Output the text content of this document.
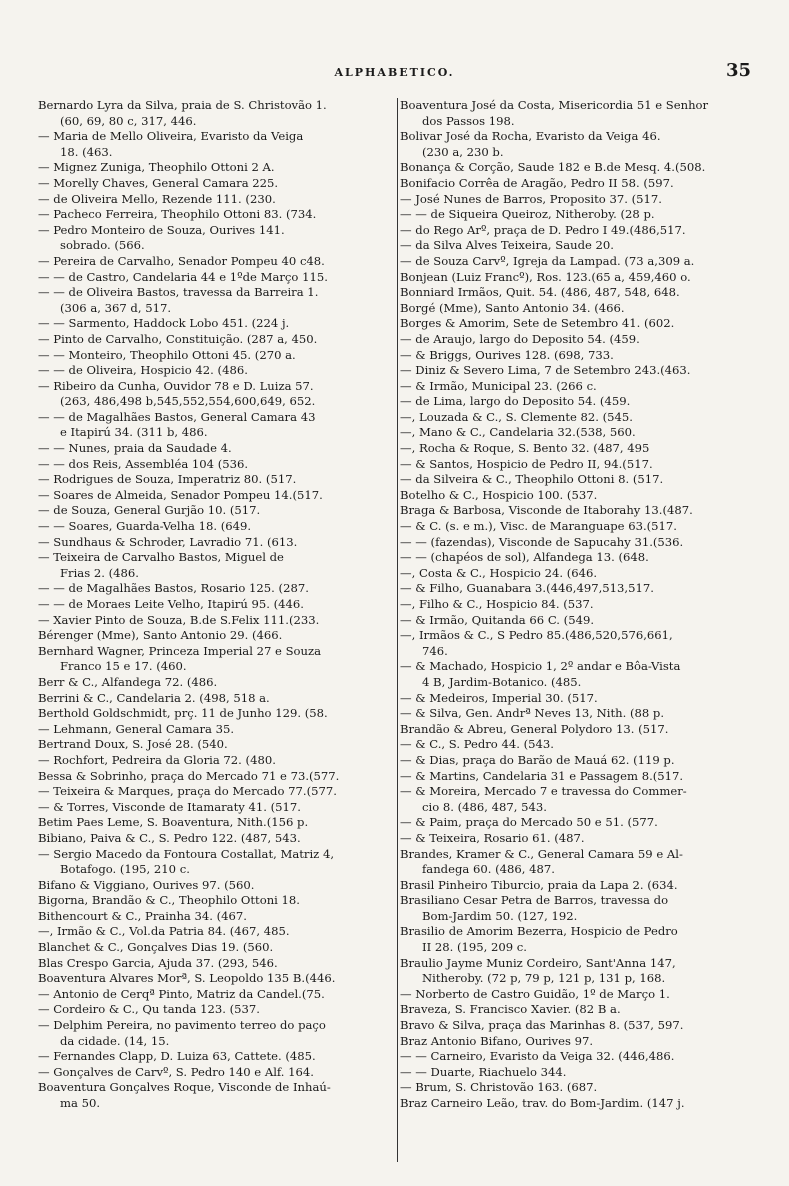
ALPHABETICO.	35
Bernardo Lyra da Silva, praia de S. Christovão 1.
(60, 69, 80 c, 317, 446.
— Maria de Mello Oliveira, Evaristo da Veiga
18. (463.
— Mignez Zuniga, Theophilo Ottoni 2 A.
— Morelly Chaves, General Camara 225.
— de Oliveira Mello, Rezende 111. (230.
— Pacheco Ferreira, Theophilo Ottoni 83. (734.
— Pedro Monteiro de Souza, Ourives 141.
sobrado. (566.
— Pereira de Carvalho, Senador Pompeu 40 c48.
— — de Castro, Candelaria 44 e 1ºde Março 115.
— — de Oliveira Bastos, travessa da Barreira 1.
(306 a, 367 d, 517.
— — Sarmento, Haddock Lobo 451. (224 j.
— Pinto de Carvalho, Constituição. (287 a, 450.
— — Monteiro, Theophilo Ottoni 45. (270 a.
— — de Oliveira, Hospicio 42. (486.
— Ribeiro da Cunha, Ouvidor 78 e D. Luiza 57.
(263, 486,498 b,545,552,554,600,649, 652.
— — de Magalhães Bastos, General Camara 43
e Itapirú 34. (311 b, 486.
— — Nunes, praia da Saudade 4.
— — dos Reis, Assembléa 104 (536.
— Rodrigues de Souza, Imperatriz 80. (517.
— Soares de Almeida, Senador Pompeu 14.(517.
— de Souza, General Gurjão 10. (517.
— — Soares, Guarda-Velha 18. (649.
— Sundhaus & Schroder, Lavradio 71. (613.
— Teixeira de Carvalho Bastos, Miguel de
Frias 2. (486.
— — de Magalhães Bastos, Rosario 125. (287.
— — de Moraes Leite Velho, Itapirú 95. (446.
— Xavier Pinto de Souza, B.de S.Felix 111.(233.
Bérenger (Mme), Santo Antonio 29. (466.
Bernhard Wagner, Princeza Imperial 27 e Souza
Franco 15 e 17. (460.
Berr & C., Alfandega 72. (486.
Berrini & C., Candelaria 2. (498, 518 a.
Berthold Goldschmidt, prç. 11 de Junho 129. (58.
— Lehmann, General Camara 35.
Bertrand Doux, S. José 28. (540.
— Rochfort, Pedreira da Gloria 72. (480.
Bessa & Sobrinho, praça do Mercado 71 e 73.(577.
— Teixeira & Marques, praça do Mercado 77.(577.
— & Torres, Visconde de Itamaraty 41. (517.
Betim Paes Leme, S. Boaventura, Nith.(156 p.
Bibiano, Paiva & C., S. Pedro 122. (487, 543.
— Sergio Macedo da Fontoura Costallat, Matriz 4,
Botafogo. (195, 210 c.
Bifano & Viggiano, Ourives 97. (560.
Bigorna, Brandão & C., Theophilo Ottoni 18.
Bithencourt & C., Prainha 34. (467.
—, Irmão & C., Vol.da Patria 84. (467, 485.
Blanchet & C., Gonçalves Dias 19. (560.
Blas Crespo Garcia, Ajuda 37. (293, 546.
Boaventura Alvares Morª, S. Leopoldo 135 B.(446.
— Antonio de Cerqª Pinto, Matriz da Candel.(75.
— Cordeiro & C., Qu tanda 123. (537.
— Delphim Pereira, no pavimento terreo do paço
da cidade. (14, 15.
— Fernandes Clapp, D. Luiza 63, Cattete. (485.
— Gonçalves de Carvº, S. Pedro 140 e Alf. 164.
Boaventura Gonçalves Roque, Visconde de Inhaú-
ma 50.
Boaventura José da Costa, Misericordia 51 e Senhor
dos Passos 198.
Bolivar José da Rocha, Evaristo da Veiga 46.
(230 a, 230 b.
Bonança & Corção, Saude 182 e B.de Mesq. 4.(508.
Bonifacio Corrêa de Aragão, Pedro II 58. (597.
— José Nunes de Barros, Proposito 37. (517.
— — de Siqueira Queiroz, Nitheroby. (28 p.
— do Rego Arº, praça de D. Pedro I 49.(486,517.
— da Silva Alves Teixeira, Saude 20.
— de Souza Carvº, Igreja da Lampad. (73 a,309 a.
Bonjean (Luiz Francº), Ros. 123.(65 a, 459,460 o.
Bonniard Irmãos, Quit. 54. (486, 487, 548, 648.
Borgé (Mme), Santo Antonio 34. (466.
Borges & Amorim, Sete de Setembro 41. (602.
— de Araujo, largo do Deposito 54. (459.
— & Briggs, Ourives 128. (698, 733.
— Diniz & Severo Lima, 7 de Setembro 243.(463.
— & Irmão, Municipal 23. (266 c.
— de Lima, largo do Deposito 54. (459.
—, Louzada & C., S. Clemente 82. (545.
—, Mano & C., Candelaria 32.(538, 560.
—, Rocha & Roque, S. Bento 32. (487, 495
— & Santos, Hospicio de Pedro II, 94.(517.
— da Silveira & C., Theophilo Ottoni 8. (517.
Botelho & C., Hospicio 100. (537.
Braga & Barbosa, Visconde de Itaborahy 13.(487.
— & C. (s. e m.), Visc. de Maranguape 63.(517.
— — (fazendas), Visconde de Sapucahy 31.(536.
— — (chapéos de sol), Alfandega 13. (648.
—, Costa & C., Hospicio 24. (646.
— & Filho, Guanabara 3.(446,497,513,517.
—, Filho & C., Hospicio 84. (537.
— & Irmão, Quitanda 66 C. (549.
—, Irmãos & C., S Pedro 85.(486,520,576,661,
746.
— & Machado, Hospicio 1, 2º andar e Bôa-Vista
4 B, Jardim-Botanico. (485.
— & Medeiros, Imperial 30. (517.
— & Silva, Gen. Andrª Neves 13, Nith. (88 p.
Brandão & Abreu, General Polydoro 13. (517.
— & C., S. Pedro 44. (543.
— & Dias, praça do Barão de Mauá 62. (119 p.
— & Martins, Candelaria 31 e Passagem 8.(517.
— & Moreira, Mercado 7 e travessa do Commer-
cio 8. (486, 487, 543.
— & Paim, praça do Mercado 50 e 51. (577.
— & Teixeira, Rosario 61. (487.
Brandes, Kramer & C., General Camara 59 e Al-
fandega 60. (486, 487.
Brasil Pinheiro Tiburcio, praia da Lapa 2. (634.
Brasiliano Cesar Petra de Barros, travessa do
Bom-Jardim 50. (127, 192.
Brasilio de Amorim Bezerra, Hospicio de Pedro
II 28. (195, 209 c.
Braulio Jayme Muniz Cordeiro, Sant'Anna 147,
Nitheroby. (72 p, 79 p, 121 p, 131 p, 168.
— Norberto de Castro Guidão, 1º de Março 1.
Braveza, S. Francisco Xavier. (82 B a.
Bravo & Silva, praça das Marinhas 8. (537, 597.
Braz Antonio Bifano, Ourives 97.
— — Carneiro, Evaristo da Veiga 32. (446,486.
— — Duarte, Riachuelo 344.
— Brum, S. Christovão 163. (687.
Braz Carneiro Leão, trav. do Bom-Jardim. (147 j.
